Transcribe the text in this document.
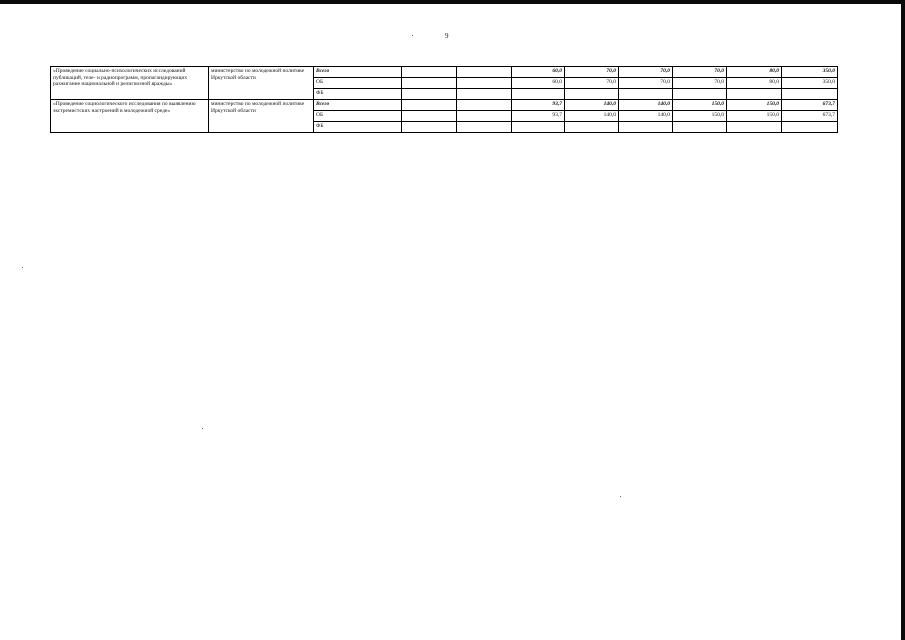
9
«Проведение социально-психологических исследований публикаций, теле- и радиопрограмм, пропагандирующих разжигание национальной и религиозной вражды»	министерство по молодежной политике Иркутской области	Всего			60,0	70,0	70,0	70,0	80,0	350,0
		ОБ			60,0	70,0	70,0	70,0	80,0	350,0
		ФБ								
«Проведение социологического исследования по выявлению экстремистских настроений в молодежной среде»	министерство по молодежной политике Иркутской области	Всего			93,7	140,0	140,0	150,0	150,0	673,7
		ОБ			93,7	140,0	140,0	150,0	150,0	673,7
		ФБ								
